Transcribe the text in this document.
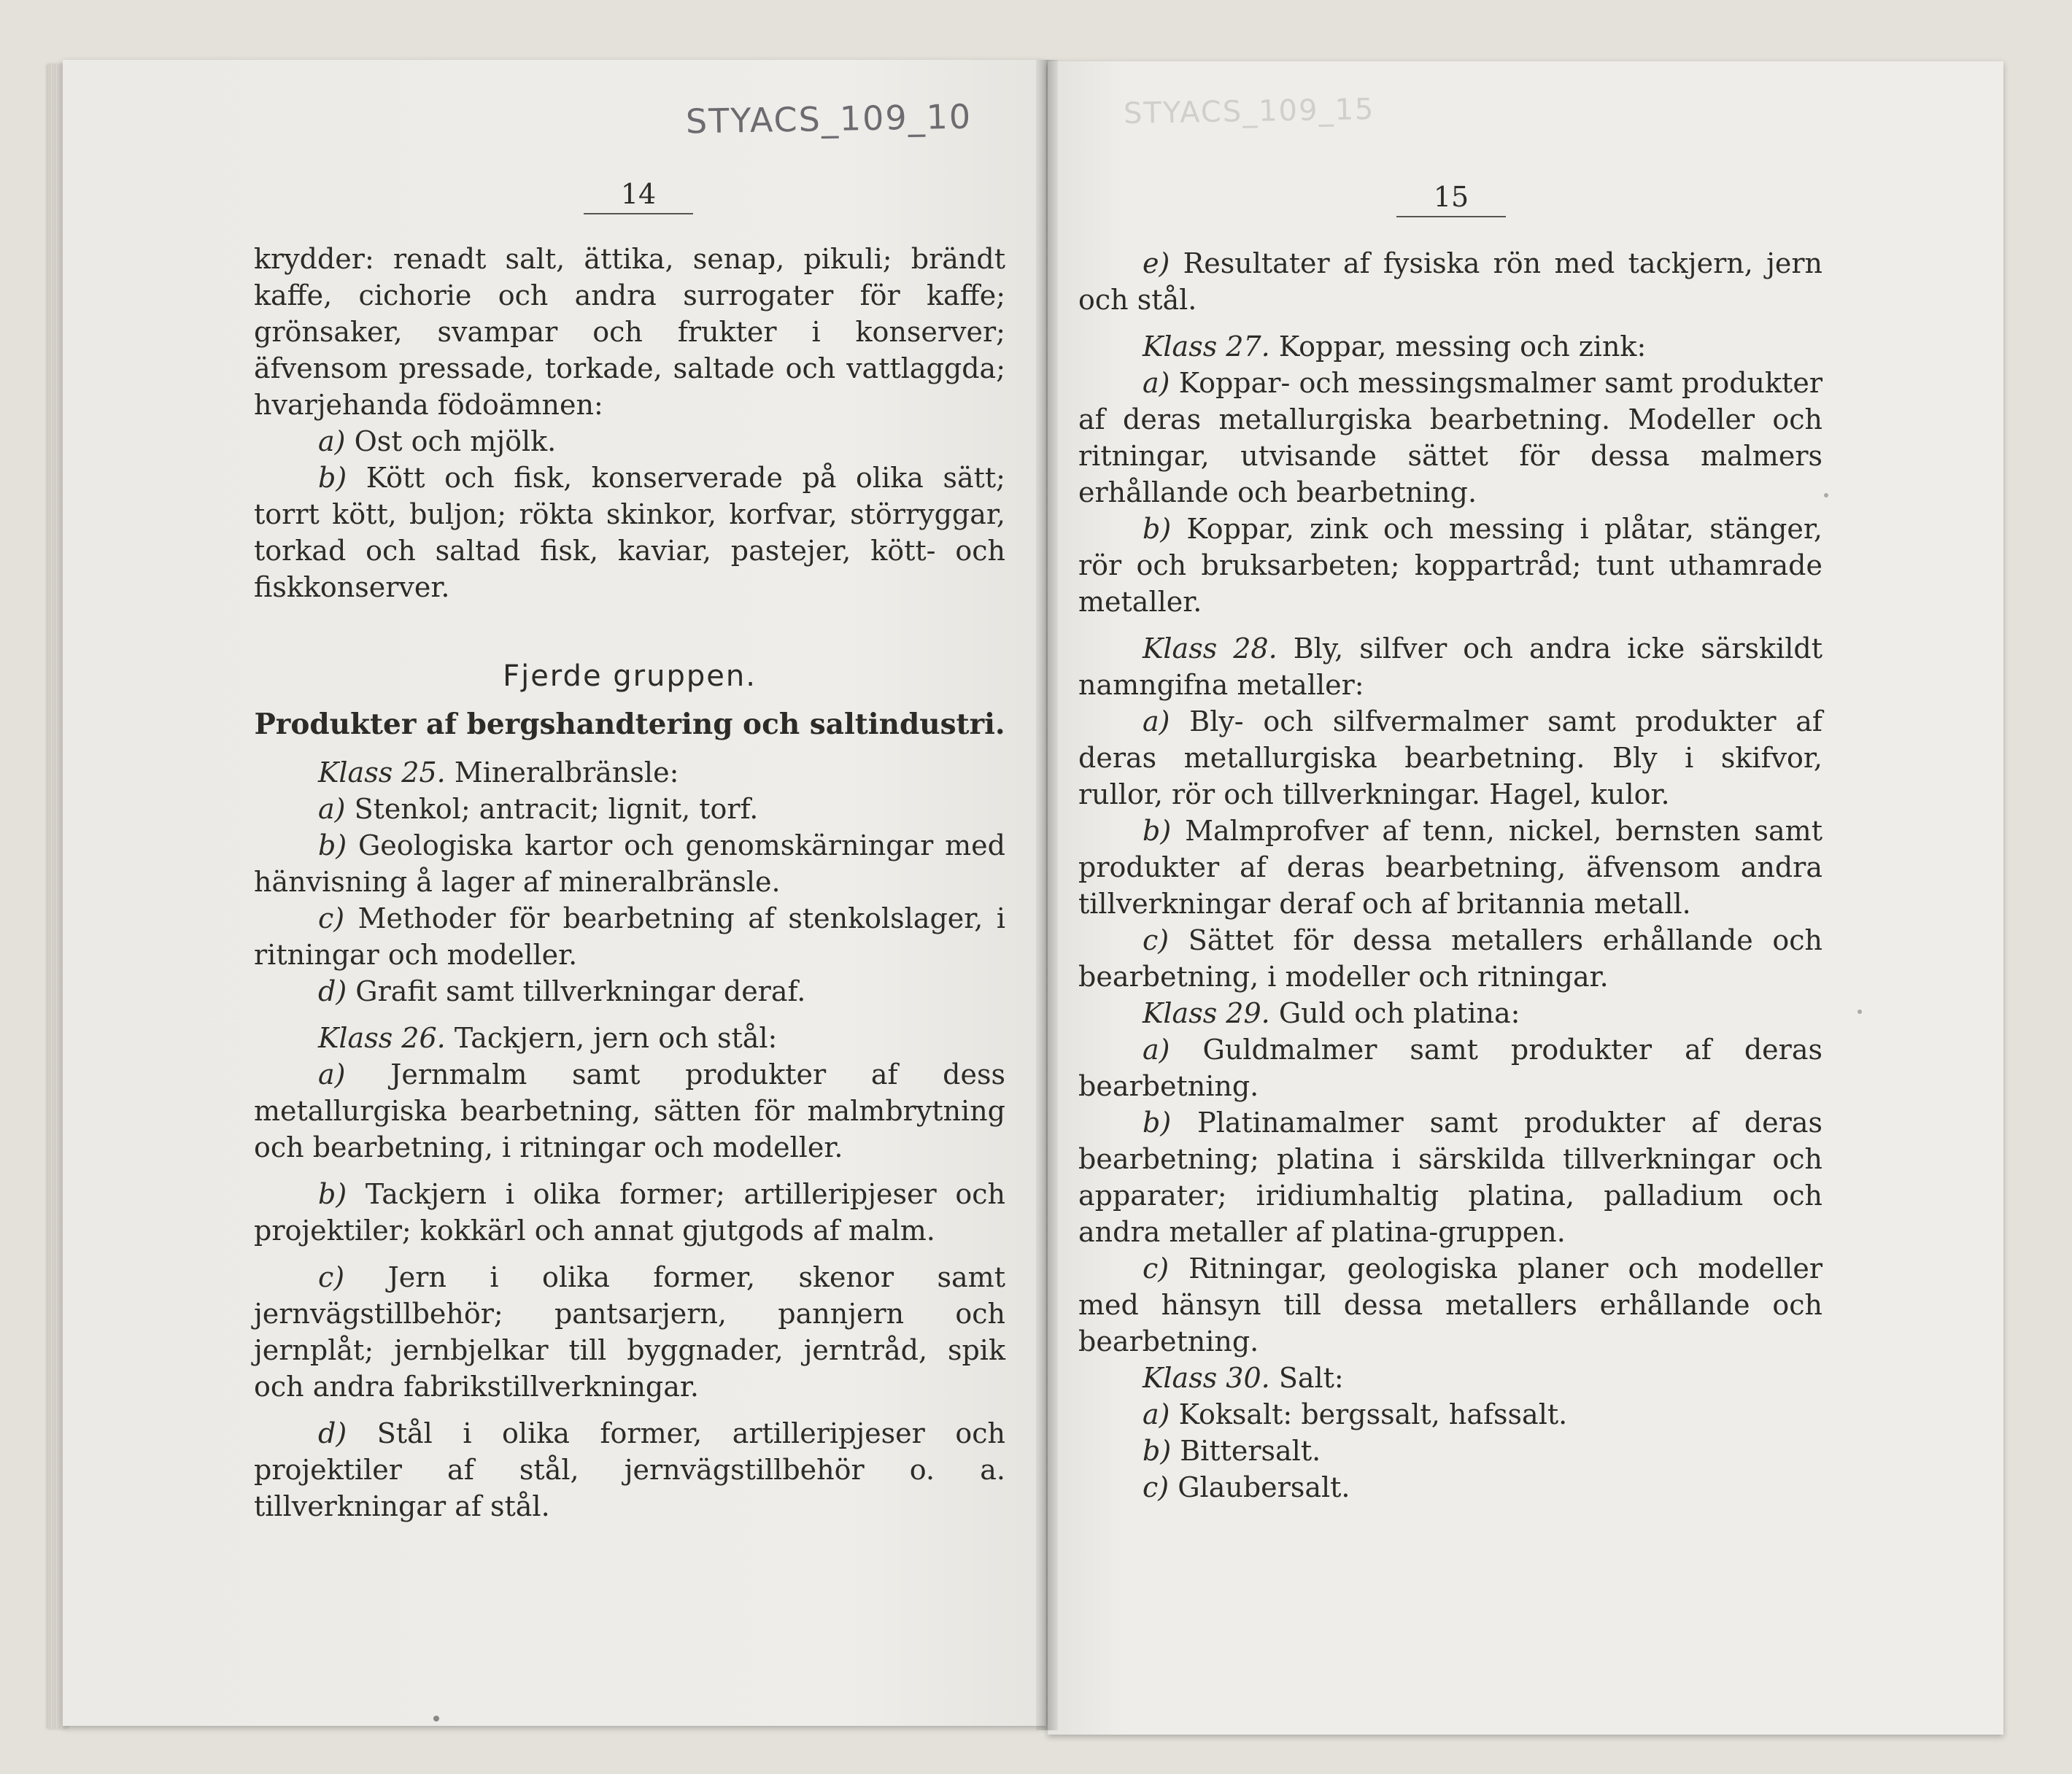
STYACS_109_10	STYACS_109_15
14	15

krydder: renadt salt, ättika, senap, pikuli; brändt kaffe, cichorie och andra surrogater för kaffe; grönsaker, svampar och frukter i konserver; äfvensom pressade, torkade, saltade och vattlaggda; hvarjehanda födoämnen:

a) Ost och mjölk.

b) Kött och fisk, konserverade på olika sätt; torrt kött, buljon; rökta skinkor, korfvar, störryggar, torkad och saltad fisk, kaviar, pastejer, kött- och fiskkonserver.

Fjerde gruppen.
Produkter af bergshandtering och saltindustri.

Klass 25. Mineralbränsle:

a) Stenkol; antracit; lignit, torf.

b) Geologiska kartor och genomskärningar med hänvisning å lager af mineralbränsle.

c) Methoder för bearbetning af stenkolslager, i ritningar och modeller.

d) Grafit samt tillverkningar deraf.

Klass 26. Tackjern, jern och stål:

a) Jernmalm samt produkter af dess metallurgiska bearbetning, sätten för malmbrytning och bearbetning, i ritningar och modeller.

b) Tackjern i olika former; artilleripjeser och projektiler; kokkärl och annat gjutgods af malm.

c) Jern i olika former, skenor samt jernvägstillbehör; pantsarjern, pannjern och jernplåt; jernbjelkar till byggnader, jerntråd, spik och andra fabrikstillverkningar.

d) Stål i olika former, artilleripjeser och projektiler af stål, jernvägstillbehör o. a. tillverkningar af stål.

e) Resultater af fysiska rön med tackjern, jern och stål.

Klass 27. Koppar, messing och zink:

a) Koppar- och messingsmalmer samt produkter af deras metallurgiska bearbetning. Modeller och ritningar, utvisande sättet för dessa malmers erhållande och bearbetning.

b) Koppar, zink och messing i plåtar, stänger, rör och bruksarbeten; koppartråd; tunt uthamrade metaller.

Klass 28. Bly, silfver och andra icke särskildt namngifna metaller:

a) Bly- och silfvermalmer samt produkter af deras metallurgiska bearbetning. Bly i skifvor, rullor, rör och tillverkningar. Hagel, kulor.

b) Malmprofver af tenn, nickel, bernsten samt produkter af deras bearbetning, äfvensom andra tillverkningar deraf och af britannia metall.

c) Sättet för dessa metallers erhållande och bearbetning, i modeller och ritningar.

Klass 29. Guld och platina:

a) Guldmalmer samt produkter af deras bearbetning.

b) Platinamalmer samt produkter af deras bearbetning; platina i särskilda tillverkningar och apparater; iridiumhaltig platina, palladium och andra metaller af platina-gruppen.

c) Ritningar, geologiska planer och modeller med hänsyn till dessa metallers erhållande och bearbetning.

Klass 30. Salt:

a) Koksalt: bergssalt, hafssalt.

b) Bittersalt.

c) Glaubersalt.
